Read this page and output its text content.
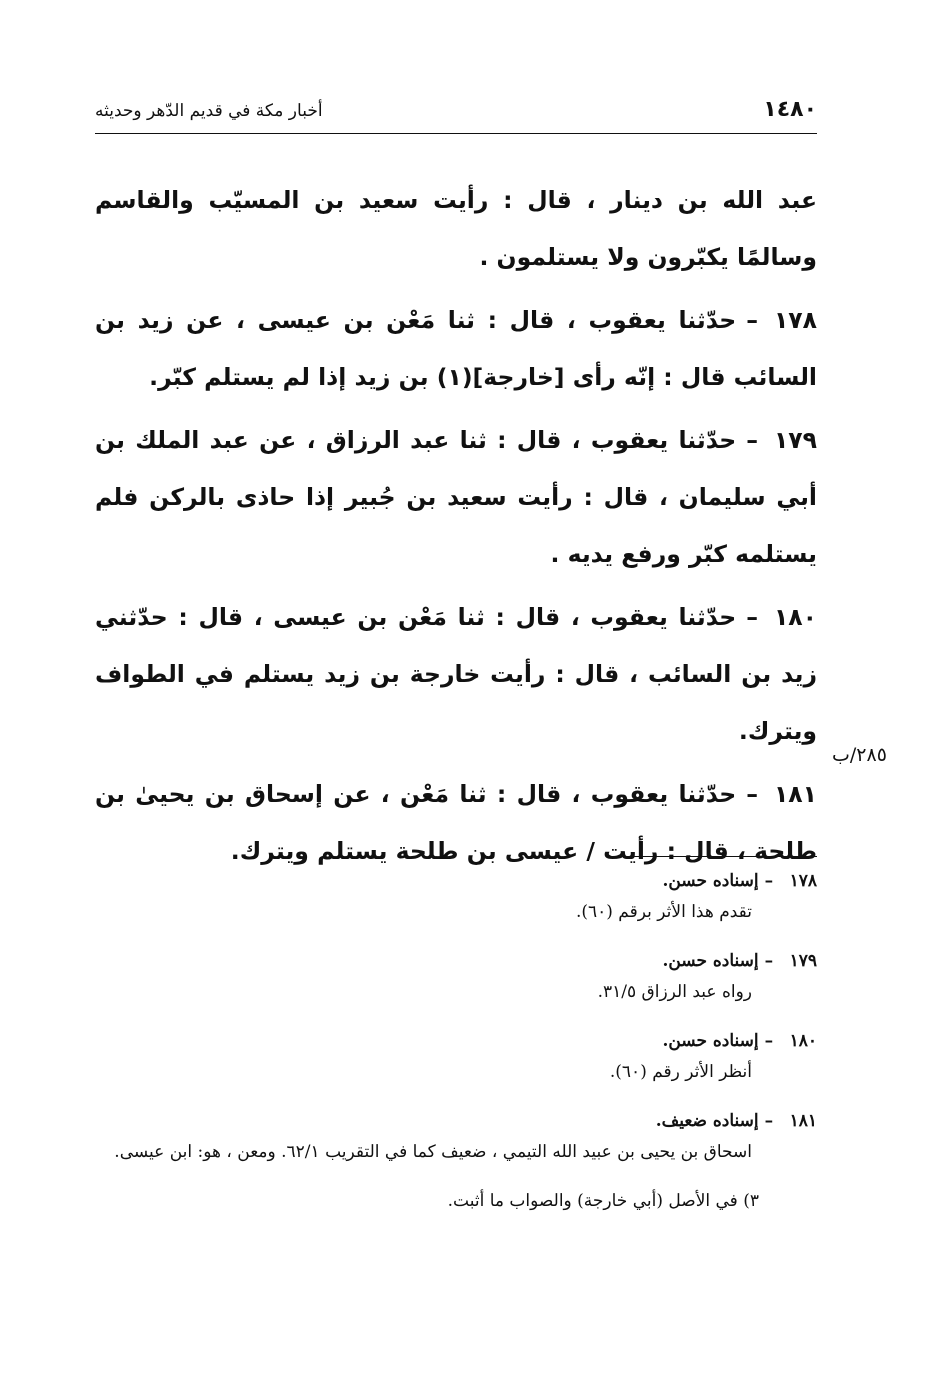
١٤٨٠
أخبار مكة في قديم الدّهر وحديثه

عبد الله بن دينار ، قال : رأيت سعيد بن المسيّب والقاسم وسالمًا يكبّرون ولا يستلمون .

١٧٨–حدّثنا يعقوب ، قال : ثنا مَعْن بن عيسى ، عن زيد بن السائب قال : إنّه رأى [خارجة](١) بن زيد إذا لم يستلم كبّر.

١٧٩–حدّثنا يعقوب ، قال : ثنا عبد الرزاق ، عن عبد الملك بن أبي سليمان ، قال : رأيت سعيد بن جُبير إذا حاذى بالركن فلم يستلمه كبّر ورفع يديه .

١٨٠–حدّثنا يعقوب ، قال : ثنا مَعْن بن عيسى ، قال : حدّثني زيد بن السائب ، قال : رأيت خارجة بن زيد يستلم في الطواف ويترك.

١٨١–حدّثنا يعقوب ، قال : ثنا مَعْن ، عن إسحاق بن يحيىٰ بن طلحة ، قال : رأيت / عيسى بن طلحة يستلم ويترك.

٢٨٥/ب
١٧٨ – إسناده حسن.
تقدم هذا الأثر برقم (٦٠).
١٧٩ – إسناده حسن.
رواه عبد الرزاق ٣١/٥.
١٨٠ – إسناده حسن.
أنظر الأثر رقم (٦٠).
١٨١ – إسناده ضعيف.
اسحاق بن يحيى بن عبيد الله التيمي ، ضعيف كما في التقريب ٦٢/١. ومعن ، هو: ابن عيسى.
٣) في الأصل (أبي خارجة) والصواب ما أثبت.
